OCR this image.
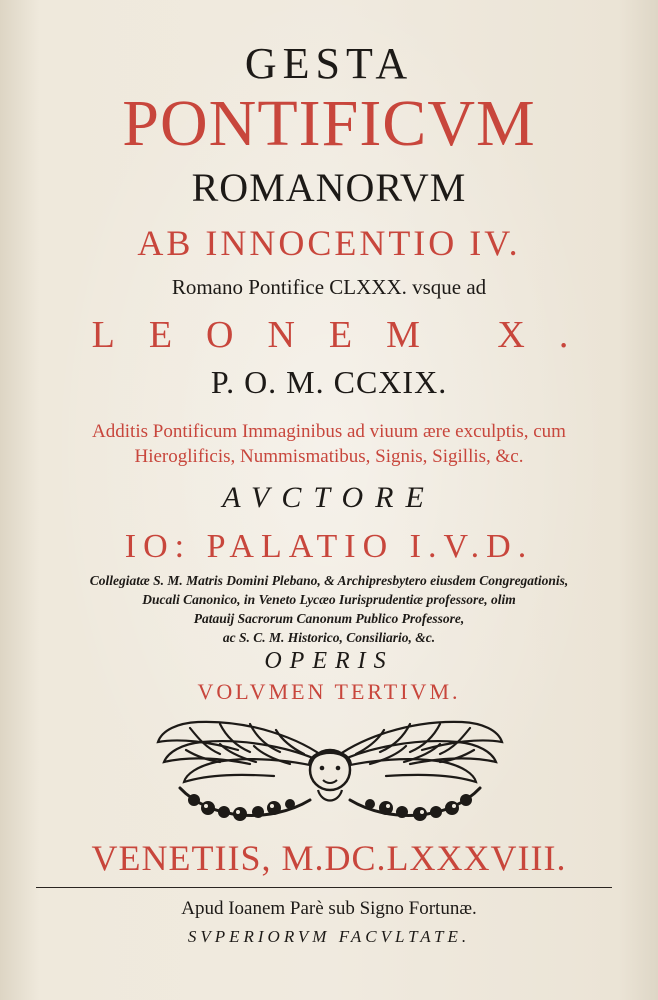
GESTA
PONTIFICVM
ROMANORVM
AB INNOCENTIO IV.
Romano Pontifice CLXXX. vsque ad
LEONEM X.
P. O. M. CCXIX.
Additis Pontificum Immaginibus ad viuum ære exculptis, cum
Hieroglificis, Nummismatibus, Signis, Sigillis, &c.
AVCTORE
IO: PALATIO I.V.D.
Collegiatæ S. M. Matris Domini Plebano, & Archipresbytero eiusdem Congregationis,
Ducali Canonico, in Veneto Lycæo Iurisprudentiæ professore, olim
Patauij Sacrorum Canonum Publico Professore,
ac S. C. M. Historico, Consiliario, &c.
OPERIS
VOLVMEN TERTIVM.
VENETIIS, M.DC.LXXXVIII.
Apud Ioanem Parè sub Signo Fortunæ.
SVPERIORVM FACVLTATE.
